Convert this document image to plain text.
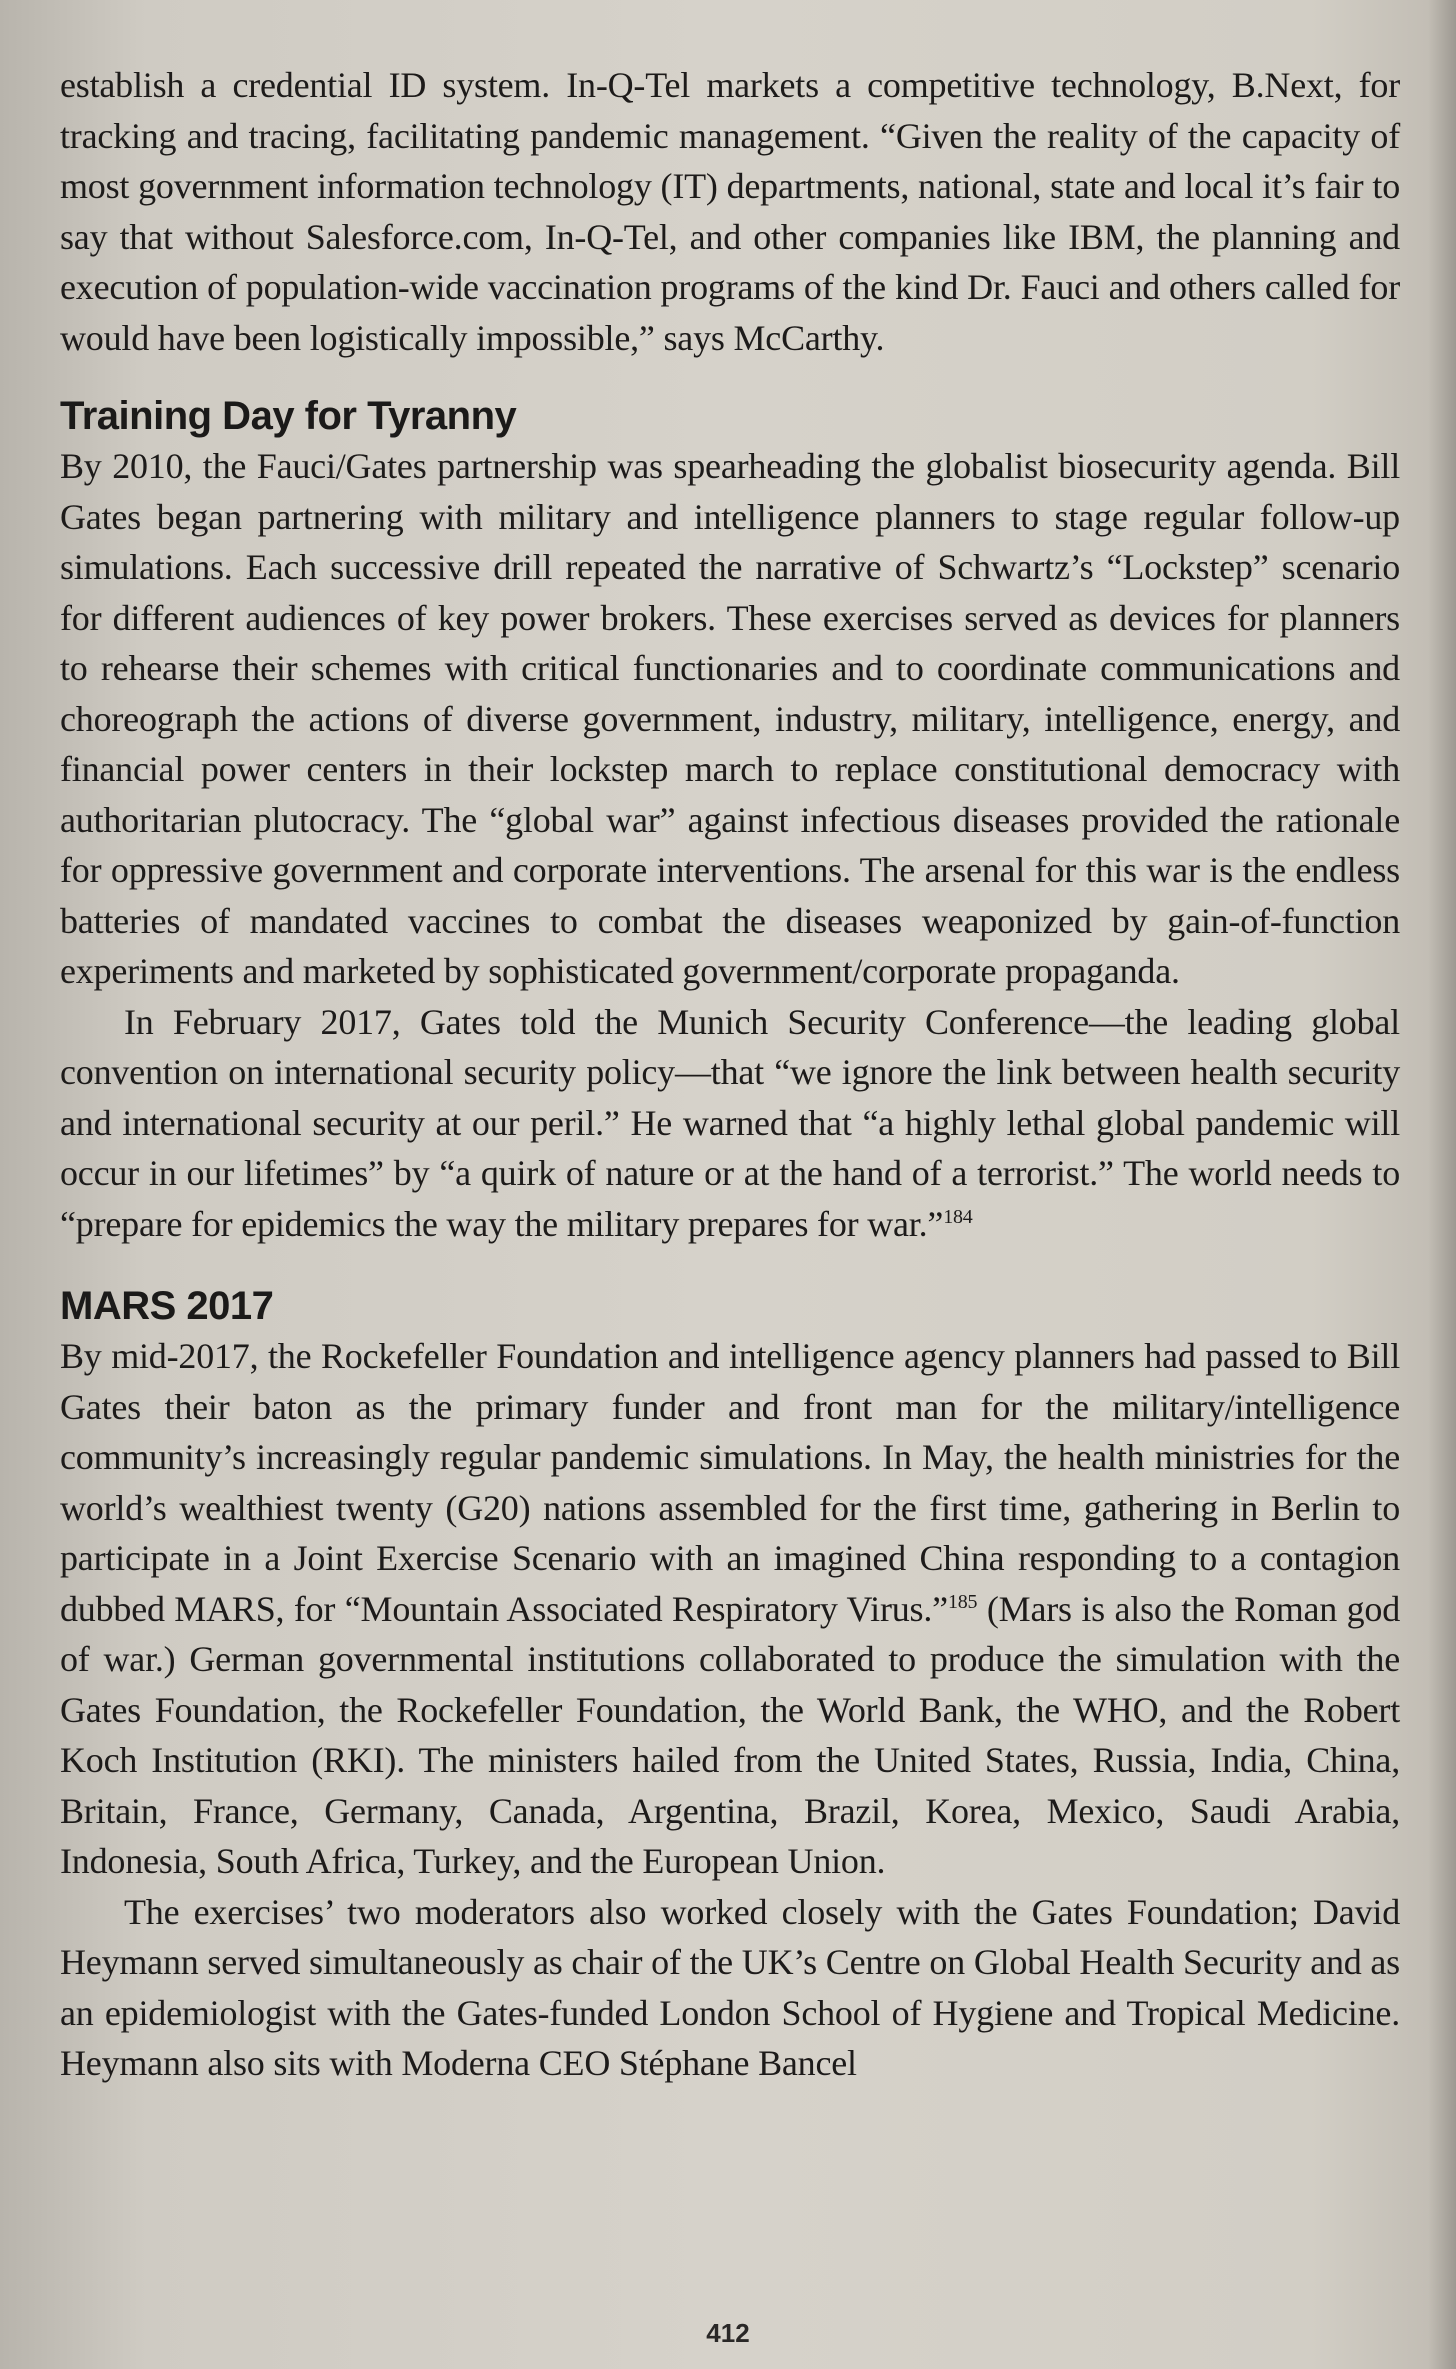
establish a credential ID system. In-Q-Tel markets a competitive technology, B.Next, for tracking and tracing, facilitating pandemic management. “Given the reality of the capacity of most government information technology (IT) departments, national, state and local it’s fair to say that without Salesforce.com, In-Q-Tel, and other companies like IBM, the planning and execution of population-wide vaccination programs of the kind Dr. Fauci and others called for would have been logistically impossible,” says McCarthy.

Training Day for Tyranny

By 2010, the Fauci/Gates partnership was spearheading the globalist biosecurity agenda. Bill Gates began partnering with military and intelligence planners to stage regular follow-up simulations. Each successive drill repeated the narrative of Schwartz’s “Lockstep” scenario for different audiences of key power brokers. These exercises served as devices for planners to rehearse their schemes with critical functionaries and to coordinate communications and choreograph the actions of diverse government, industry, military, intelligence, energy, and financial power centers in their lockstep march to replace constitutional democracy with authoritarian plutocracy. The “global war” against infectious diseases provided the rationale for oppressive government and corporate interventions. The arsenal for this war is the endless batteries of mandated vaccines to combat the diseases weaponized by gain-of-function experiments and marketed by sophisticated government/corporate propaganda.

In February 2017, Gates told the Munich Security Conference—the leading global convention on international security policy—that “we ignore the link between health security and international security at our peril.” He warned that “a highly lethal global pandemic will occur in our lifetimes” by “a quirk of nature or at the hand of a terrorist.” The world needs to “prepare for epidemics the way the military prepares for war.”$^{184}$

MARS 2017

By mid-2017, the Rockefeller Foundation and intelligence agency planners had passed to Bill Gates their baton as the primary funder and front man for the military/intelligence community’s increasingly regular pandemic simulations. In May, the health ministries for the world’s wealthiest twenty (G20) nations assembled for the first time, gathering in Berlin to participate in a Joint Exercise Scenario with an imagined China responding to a contagion dubbed MARS, for “Mountain Associated Respiratory Virus.”$^{185}$ (Mars is also the Roman god of war.) German governmental institutions collaborated to produce the simulation with the Gates Foundation, the Rockefeller Foundation, the World Bank, the WHO, and the Robert Koch Institution (RKI). The ministers hailed from the United States, Russia, India, China, Britain, France, Germany, Canada, Argentina, Brazil, Korea, Mexico, Saudi Arabia, Indonesia, South Africa, Turkey, and the European Union.

The exercises’ two moderators also worked closely with the Gates Foundation; David Heymann served simultaneously as chair of the UK’s Centre on Global Health Security and as an epidemiologist with the Gates-funded London School of Hygiene and Tropical Medicine. Heymann also sits with Moderna CEO Stéphane Bancel

412
